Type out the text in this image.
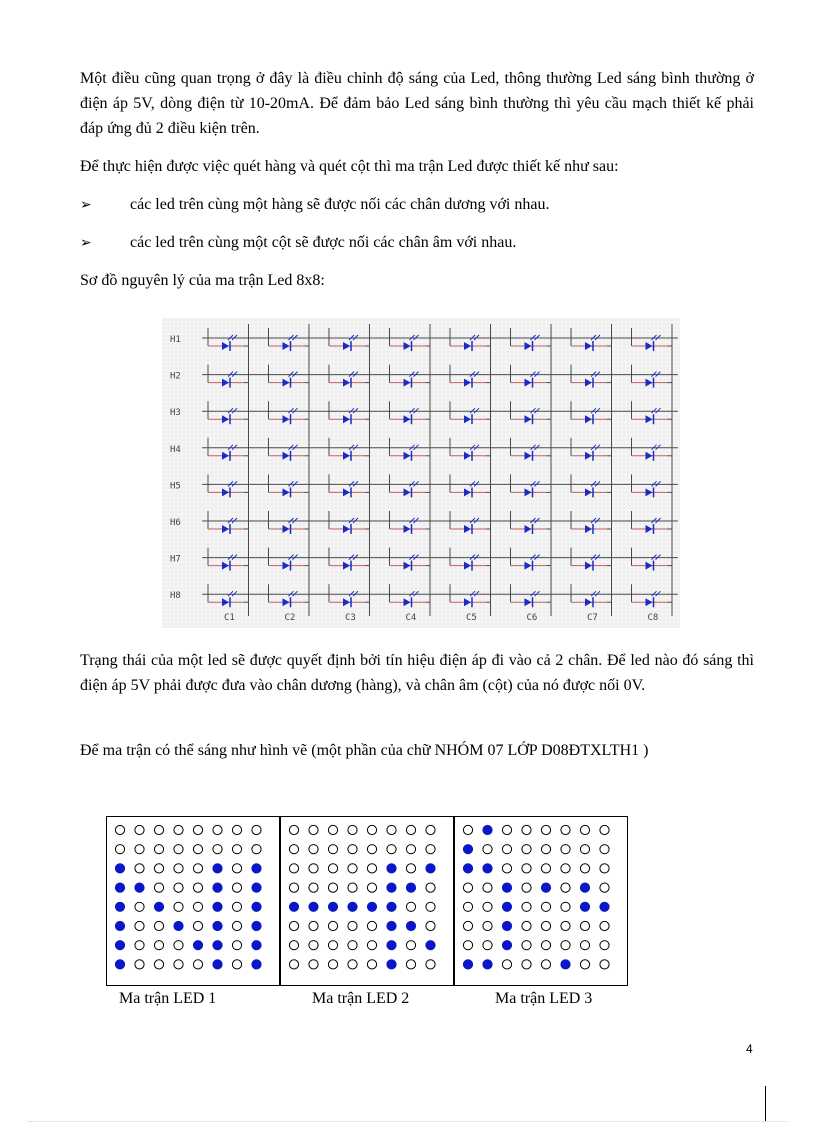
Một điều cũng quan trọng ở đây là điều chỉnh độ sáng của Led, thông thường Led sáng bình thường ở điện áp 5V, dòng điện từ 10-20mA. Để đảm bảo Led sáng bình thường thì yêu cầu mạch thiết kế phải đáp ứng đủ 2 điều kiện trên.

Để thực hiện được việc quét hàng và quét cột thì ma trận Led được thiết kế như sau:

➢ các led trên cùng một hàng sẽ được nối các chân dương với nhau.
➢ các led trên cùng một cột sẽ được nối các chân âm với nhau.

Sơ đồ nguyên lý của ma trận Led 8x8:

H1
H2
H3
H4
H5
H6
H7
H8
C1	C2	C3	C4	C5	C6	C7	C8

Trạng thái của một led sẽ được quyết định bởi tín hiệu điện áp đi vào cả 2 chân. Để led nào đó sáng thì điện áp 5V phải được đưa vào chân dương (hàng), và chân âm (cột) của nó được nối 0V.

Để ma trận có thể sáng như hình vẽ (một phần của chữ NHÓM 07 LỚP D08ĐTXLTH1 )

Ma trận LED 1	Ma trận LED 2	Ma trận LED 3
4
